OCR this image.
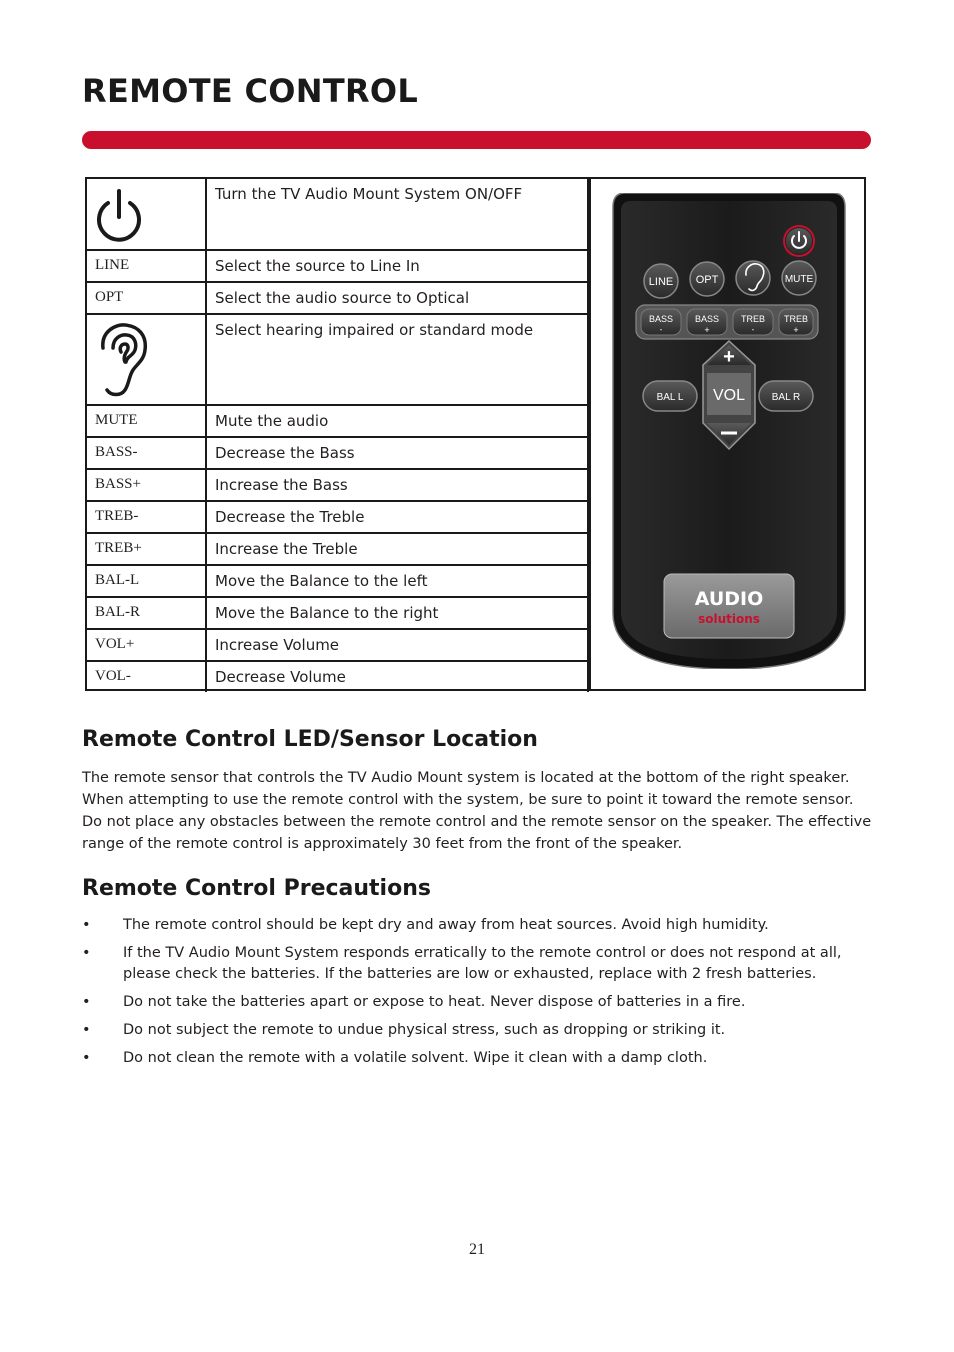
REMOTE CONTROL
	Turn the TV Audio Mount System ON/OFF
LINE	Select the source to Line In
OPT	Select the audio source to Optical

	Select hearing impaired or standard mode
MUTE	Mute the audio
BASS-	Decrease the Bass
BASS+	Increase the Bass
TREB-	Decrease the Treble
TREB+	Increase the Treble
BAL-L	Move the Balance to the left
BAL-R	Move the Balance to the right
VOL+	Increase Volume
VOL-	Decrease Volume
LINE OPT	MUTE
BASS
-
BASS
+
TREB
-
TREB
+
+
VOL
BAL L	BAL R
AUDIO
solutions
Remote Control LED/Sensor Location

The remote sensor that controls the TV Audio Mount system is located at the bottom of the right speaker. When attempting to use the remote control with the system, be sure to point it toward the remote sensor. Do not place any obstacles between the remote control and the remote sensor on the speaker. The effective range of the remote control is approximately 30 feet from the front of the speaker.

Remote Control Precautions
• The remote control should be kept dry and away from heat sources. Avoid high humidity.
• If the TV Audio Mount System responds erratically to the remote control or does not respond at all, please check the batteries. If the batteries are low or exhausted, replace with 2 fresh batteries.
• Do not take the batteries apart or expose to heat. Never dispose of batteries in a fire.
• Do not subject the remote to undue physical stress, such as dropping or striking it.
• Do not clean the remote with a volatile solvent. Wipe it clean with a damp cloth.
21
